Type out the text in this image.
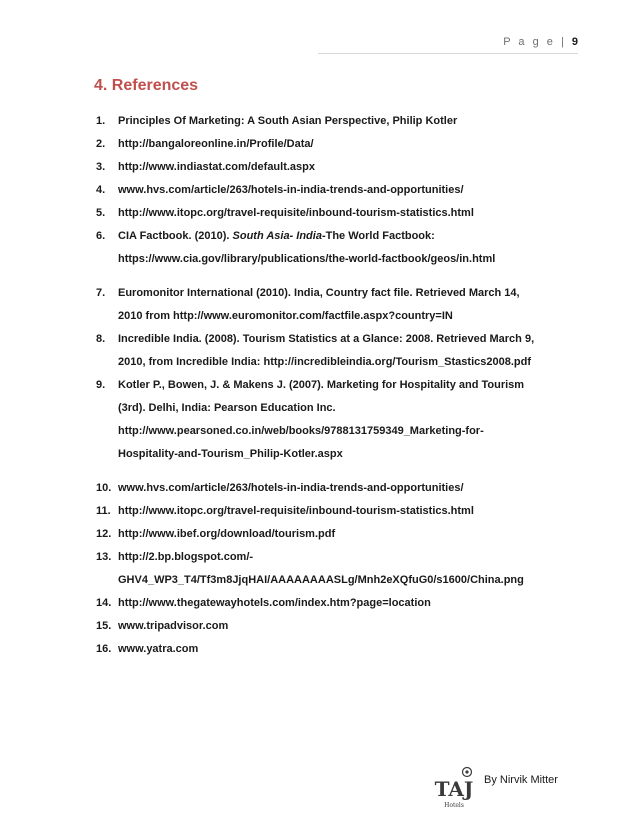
P a g e | 9
4. References
1. Principles Of Marketing: A South Asian Perspective, Philip Kotler
2. http://bangaloreonline.in/Profile/Data/
3. http://www.indiastat.com/default.aspx
4. www.hvs.com/article/263/hotels-in-india-trends-and-opportunities/
5. http://www.itopc.org/travel-requisite/inbound-tourism-statistics.html
6. CIA Factbook. (2010). South Asia- India-The World Factbook:
https://www.cia.gov/library/publications/the-world-factbook/geos/in.html
7. Euromonitor International (2010). India, Country fact file. Retrieved March 14,
2010 from http://www.euromonitor.com/factfile.aspx?country=IN
8. Incredible India. (2008). Tourism Statistics at a Glance: 2008. Retrieved March 9,
2010, from Incredible India: http://incredibleindia.org/Tourism_Stastics2008.pdf
9. Kotler P., Bowen, J. & Makens J. (2007). Marketing for Hospitality and Tourism
(3rd). Delhi, India: Pearson Education Inc.
http://www.pearsoned.co.in/web/books/9788131759349_Marketing-for-
Hospitality-and-Tourism_Philip-Kotler.aspx
10. www.hvs.com/article/263/hotels-in-india-trends-and-opportunities/
11. http://www.itopc.org/travel-requisite/inbound-tourism-statistics.html
12. http://www.ibef.org/download/tourism.pdf
13. http://2.bp.blogspot.com/-
GHV4_WP3_T4/Tf3m8JjqHAI/AAAAAAAASLg/Mnh2eXQfuG0/s1600/China.png
14. http://www.thegatewayhotels.com/index.htm?page=location
15. www.tripadvisor.com
16. www.yatra.com
TAJ
Hotels
By Nirvik Mitter
